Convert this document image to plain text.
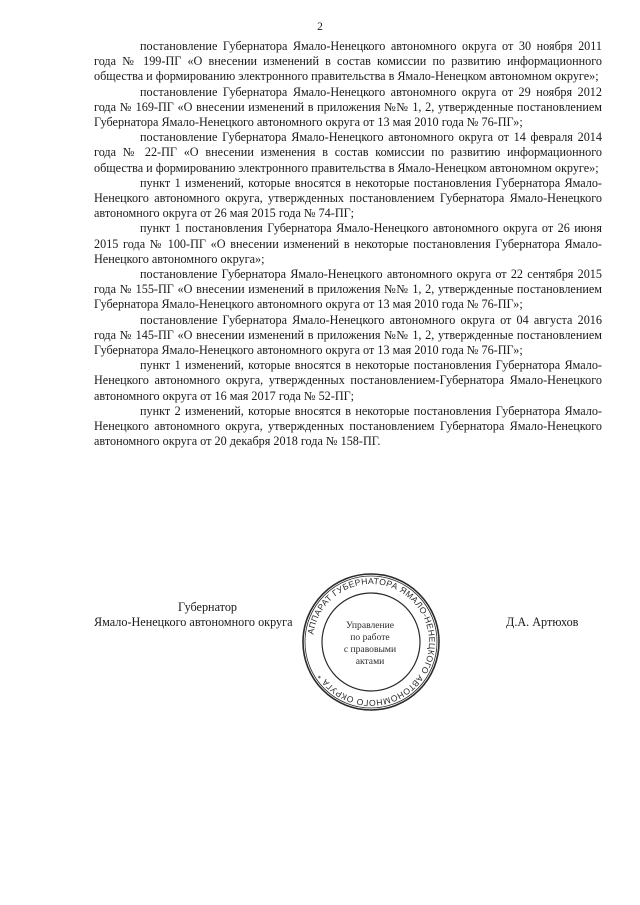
2

постановление Губернатора Ямало-Ненецкого автономного округа от 30 ноября 2011 года № 199-ПГ «О внесении изменений в состав комиссии по развитию информационного общества и формированию электронного правительства в Ямало-Ненецком автономном округе»;

постановление Губернатора Ямало-Ненецкого автономного округа от 29 ноября 2012 года № 169-ПГ «О внесении изменений в приложения №№ 1, 2, утвержденные постановлением Губернатора Ямало-Ненецкого автономного округа от 13 мая 2010 года № 76-ПГ»;

постановление Губернатора Ямало-Ненецкого автономного округа от 14 февраля 2014 года № 22-ПГ «О внесении изменения в состав комиссии по развитию информационного общества и формированию электронного правительства в Ямало-Ненецком автономном округе»;

пункт 1 изменений, которые вносятся в некоторые постановления Губернатора Ямало-Ненецкого автономного округа, утвержденных постановлением Губернатора Ямало-Ненецкого автономного округа от 26 мая 2015 года № 74-ПГ;

пункт 1 постановления Губернатора Ямало-Ненецкого автономного округа от 26 июня 2015 года № 100-ПГ «О внесении изменений в некоторые постановления Губернатора Ямало-Ненецкого автономного округа»;

постановление Губернатора Ямало-Ненецкого автономного округа от 22 сентября 2015 года № 155-ПГ «О внесении изменений в приложения №№ 1, 2, утвержденные постановлением Губернатора Ямало-Ненецкого автономного округа от 13 мая 2010 года № 76-ПГ»;

постановление Губернатора Ямало-Ненецкого автономного округа от 04 августа 2016 года № 145-ПГ «О внесении изменений в приложения №№ 1, 2, утвержденные постановлением Губернатора Ямало-Ненецкого автономного округа от 13 мая 2010 года № 76-ПГ»;

пункт 1 изменений, которые вносятся в некоторые постановления Губернатора Ямало-Ненецкого автономного округа, утвержденных постановлением-Губернатора Ямало-Ненецкого автономного округа от 16 мая 2017 года № 52-ПГ;

пункт 2 изменений, которые вносятся в некоторые постановления Губернатора Ямало-Ненецкого автономного округа, утвержденных постановлением Губернатора Ямало-Ненецкого автономного округа от 20 декабря 2018 года № 158-ПГ.

АППАРАТ ГУБЕРНАТОРА ЯМАЛО-НЕНЕЦКОГО АВТОНОМНОГО ОКРУГА *
Управление
по работе
с правовыми
актами
Губернатор
Ямало-Ненецкого автономного округа	Д.А. Артюхов
